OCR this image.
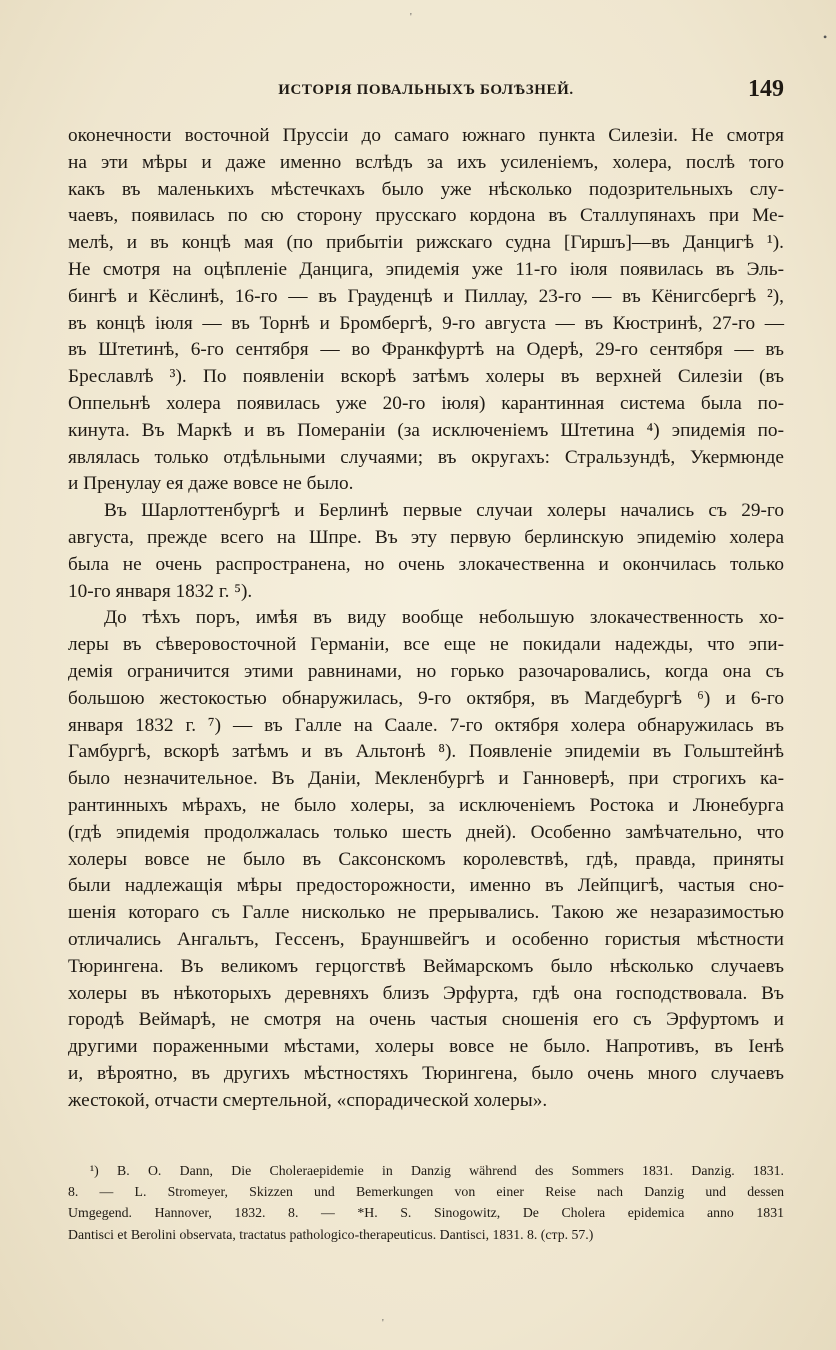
ИСТОРІЯ ПОВАЛЬНЫХЪ БОЛѢЗНЕЙ.	149
оконечности восточной Пруссіи до самаго южнаго пункта Силезіи. Не смотря
на эти мѣры и даже именно вслѣдъ за ихъ усиленіемъ, холера, послѣ того
какъ въ маленькихъ мѣстечкахъ было уже нѣсколько подозрительныхъ слу-
чаевъ, появилась по сю сторону прусскаго кордона въ Сталлупянахъ при Ме-
мелѣ, и въ концѣ мая (по прибытіи рижскаго судна [Гиршъ]—въ Данцигѣ ¹).
Не смотря на оцѣпленіе Данцига, эпидемія уже 11-го іюля появилась въ Эль-
бингѣ и Кёслинѣ, 16-го — въ Грауденцѣ и Пиллау, 23-го — въ Кёнигсбергѣ ²),
въ концѣ іюля — въ Торнѣ и Бромбергѣ, 9-го августа — въ Кюстринѣ, 27-го —
въ Штетинѣ, 6-го сентября — во Франкфуртѣ на Одерѣ, 29-го сентября — въ
Бреславлѣ ³). По появленіи вскорѣ затѣмъ холеры въ верхней Силезіи (въ
Оппельнѣ холера появилась уже 20-го іюля) карантинная система была по-
кинута. Въ Маркѣ и въ Помераніи (за исключеніемъ Штетина ⁴) эпидемія по-
являлась только отдѣльными случаями; въ округахъ: Стральзундѣ, Укермюнде
и Пренулау ея даже вовсе не было.
Въ Шарлоттенбургѣ и Берлинѣ первые случаи холеры начались съ 29-го
августа, прежде всего на Шпре. Въ эту первую берлинскую эпидемію холера
была не очень распространена, но очень злокачественна и окончилась только
10-го января 1832 г. ⁵).
До тѣхъ поръ, имѣя въ виду вообще небольшую злокачественность хо-
леры въ сѣверовосточной Германіи, все еще не покидали надежды, что эпи-
демія ограничится этими равнинами, но горько разочаровались, когда она съ
большою жестокостью обнаружилась, 9-го октября, въ Магдебургѣ ⁶) и 6-го
января 1832 г. ⁷) — въ Галле на Саале. 7-го октября холера обнаружилась въ
Гамбургѣ, вскорѣ затѣмъ и въ Альтонѣ ⁸). Появленіе эпидеміи въ Гольштейнѣ
было незначительное. Въ Даніи, Мекленбургѣ и Ганноверѣ, при строгихъ ка-
рантинныхъ мѣрахъ, не было холеры, за исключеніемъ Ростока и Люнебурга
(гдѣ эпидемія продолжалась только шесть дней). Особенно замѣчательно, что
холеры вовсе не было въ Саксонскомъ королевствѣ, гдѣ, правда, приняты
были надлежащія мѣры предосторожности, именно въ Лейпцигѣ, частыя сно-
шенія котораго съ Галле нисколько не прерывались. Такою же незаразимостью
отличались Ангальтъ, Гессенъ, Брауншвейгъ и особенно гористыя мѣстности
Тюрингена. Въ великомъ герцогствѣ Веймарскомъ было нѣсколько случаевъ
холеры въ нѣкоторыхъ деревняхъ близъ Эрфурта, гдѣ она господствовала. Въ
городѣ Веймарѣ, не смотря на очень частыя сношенія его съ Эрфуртомъ и
другими пораженными мѣстами, холеры вовсе не было. Напротивъ, въ Іенѣ
и, вѣроятно, въ другихъ мѣстностяхъ Тюрингена, было очень много случаевъ
жестокой, отчасти смертельной, «спорадической холеры».
¹) B. O. Dann, Die Choleraepidemie in Danzig während des Sommers 1831. Danzig. 1831.
8. — L. Stromeyer, Skizzen und Bemerkungen von einer Reise nach Danzig und dessen
Umgegend. Hannover, 1832. 8. — *H. S. Sinogowitz, De Cholera epidemica anno 1831
Dantisci et Berolini observata, tractatus pathologico-therapeuticus. Dantisci, 1831. 8. (стр. 57.)
'
•
'
